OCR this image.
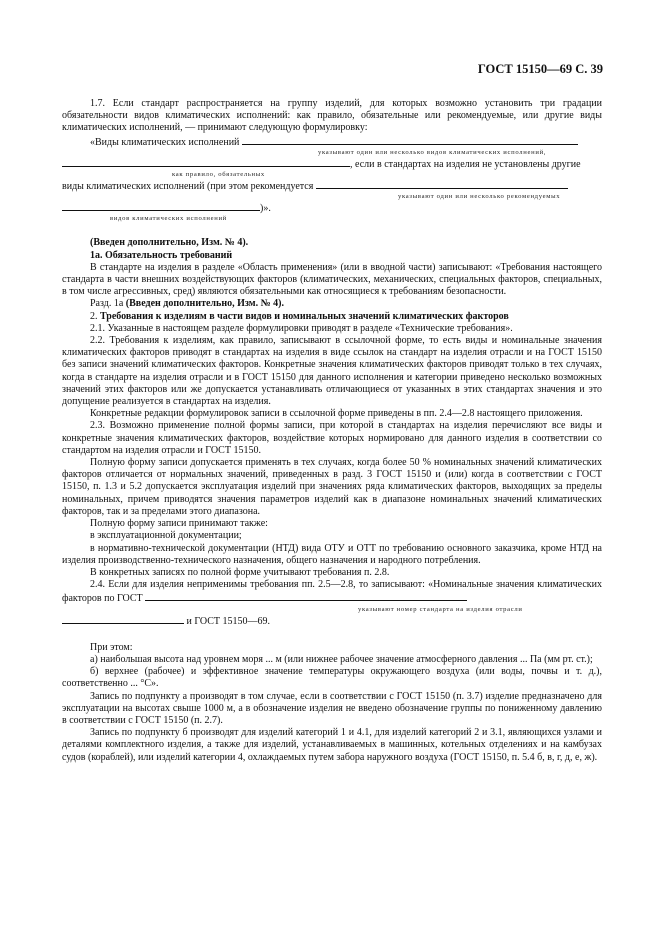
ГОСТ 15150—69 С. 39

1.7. Если стандарт распространяется на группу изделий, для которых возможно установить три градации обязательности видов климатических исполнений: как правило, обязательные или рекомендуемые, или другие виды климатических исполнений, — принимают следующую формулировку:

«Виды климатических исполнений

указывают один или несколько видов климатических исполнений,

, если в стандартах на изделия не установлены другие

как правило, обязательных

виды климатических исполнений (при этом рекомендуется

указывают один или несколько рекомендуемых

)».

видов климатических исполнений

(Введен дополнительно, Изм. № 4).

1а. Обязательность требований

В стандарте на изделия в разделе «Область применения» (или в вводной части) записывают: «Требования настоящего стандарта в части внешних воздействующих факторов (климатических, механических, специальных факторов, специальных, в том числе агрессивных, сред) являются обязательными как относящиеся к требованиям безопасности.

Разд. 1а (Введен дополнительно, Изм. № 4).

2. Требования к изделиям в части видов и номинальных значений климатических факторов

2.1. Указанные в настоящем разделе формулировки приводят в разделе «Технические требования».

2.2. Требования к изделиям, как правило, записывают в ссылочной форме, то есть виды и номинальные значения климатических факторов приводят в стандартах на изделия в виде ссылок на стандарт на изделия отрасли и на ГОСТ 15150 без записи значений климатических факторов. Конкретные значения климатических факторов приводят только в тех случаях, когда в стандарте на изделия отрасли и в ГОСТ 15150 для данного исполнения и категории приведено несколько возможных значений этих факторов или же допускается устанавливать отличающиеся от указанных в этих стандартах значения и это допущение реализуется в стандартах на изделия.

Конкретные редакции формулировок записи в ссылочной форме приведены в пп. 2.4—2.8 настоящего приложения.

2.3. Возможно применение полной формы записи, при которой в стандартах на изделия перечисляют все виды и конкретные значения климатических факторов, воздействие которых нормировано для данного изделия в соответствии со стандартом на изделия отрасли и ГОСТ 15150.

Полную форму записи допускается применять в тех случаях, когда более 50 % номинальных значений климатических факторов отличается от нормальных значений, приведенных в разд. 3 ГОСТ 15150 и (или) когда в соответствии с ГОСТ 15150, п. 1.3 и 5.2 допускается эксплуатация изделий при значениях ряда климатических факторов, выходящих за пределы номинальных, причем приводятся значения параметров изделий как в диапазоне номинальных значений климатических факторов, так и за пределами этого диапазона.

Полную форму записи принимают также:

в эксплуатационной документации;

в нормативно-технической документации (НТД) вида ОТУ и ОТТ по требованию основного заказчика, кроме НТД на изделия производственно-технического назначения, общего назначения и народного потребления.

В конкретных записях по полной форме учитывают требования п. 2.8.

2.4. Если для изделия неприменимы требования пп. 2.5—2.8, то записывают: «Номинальные значения климатических факторов по ГОСТ

указывают номер стандарта на изделия отрасли

и ГОСТ 15150—69.

При этом:

а) наибольшая высота над уровнем моря ... м (или нижнее рабочее значение атмосферного давления ... Па (мм рт. ст.);

б) верхнее (рабочее) и эффективное значение температуры окружающего воздуха (или воды, почвы и т. д.), соответственно ... °С».

Запись по подпункту а производят в том случае, если в соответствии с ГОСТ 15150 (п. 3.7) изделие предназначено для эксплуатации на высотах свыше 1000 м, а в обозначение изделия не введено обозначение группы по пониженному давлению в соответствии с ГОСТ 15150 (п. 2.7).

Запись по подпункту б производят для изделий категорий 1 и 4.1, для изделий категорий 2 и 3.1, являющихся узлами и деталями комплектного изделия, а также для изделий, устанавливаемых в машинных, котельных отделениях и на камбузах судов (кораблей), или изделий категории 4, охлаждаемых путем забора наружного воздуха (ГОСТ 15150, п. 5.4 б, в, г, д, е, ж).
